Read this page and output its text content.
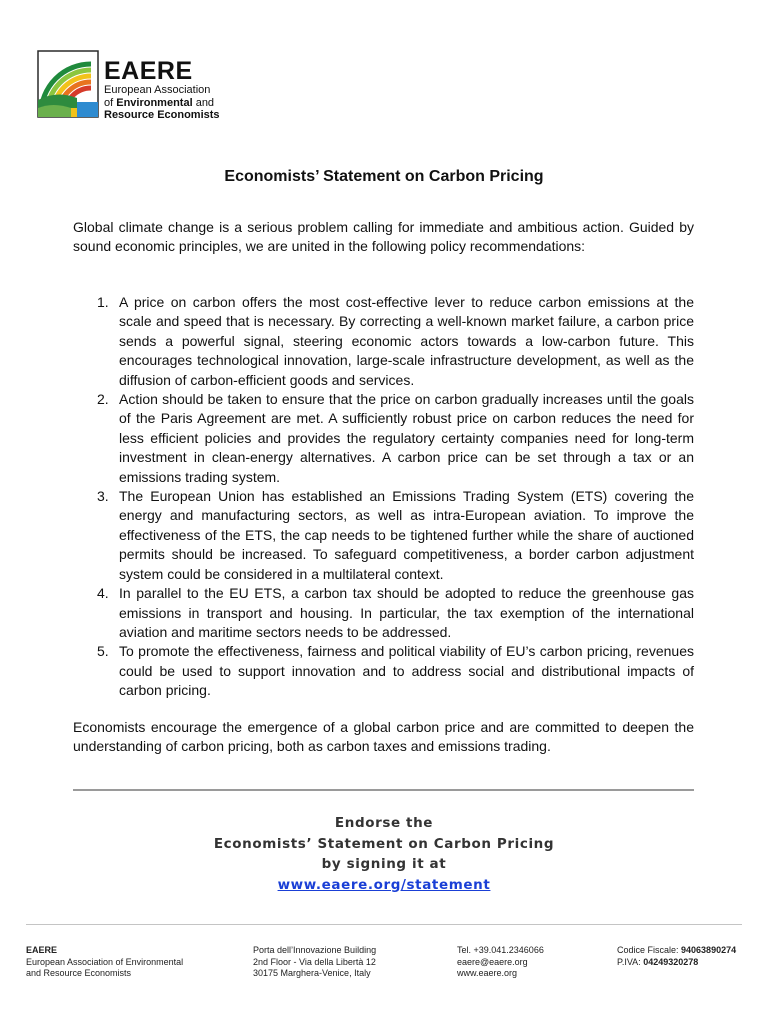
EAERE
European Association
of Environmental and
Resource Economists
Economists’ Statement on Carbon Pricing

Global climate change is a serious problem calling for immediate and ambitious action. Guided by sound economic principles, we are united in the following policy recommendations:

1. A price on carbon offers the most cost-effective lever to reduce carbon emissions at the scale and speed that is necessary. By correcting a well-known market failure, a carbon price sends a powerful signal, steering economic actors towards a low-carbon future. This encourages technological innovation, large-scale infrastructure development, as well as the diffusion of carbon-efficient goods and services.
2. Action should be taken to ensure that the price on carbon gradually increases until the goals of the Paris Agreement are met. A sufficiently robust price on carbon reduces the need for less efficient policies and provides the regulatory certainty companies need for long-term investment in clean-energy alternatives. A carbon price can be set through a tax or an emissions trading system.
3. The European Union has established an Emissions Trading System (ETS) covering the energy and manufacturing sectors, as well as intra-European aviation. To improve the effectiveness of the ETS, the cap needs to be tightened further while the share of auctioned permits should be increased. To safeguard competitiveness, a border carbon adjustment system could be considered in a multilateral context.
4. In parallel to the EU ETS, a carbon tax should be adopted to reduce the greenhouse gas emissions in transport and housing. In particular, the tax exemption of the international aviation and maritime sectors needs to be addressed.
5. To promote the effectiveness, fairness and political viability of EU’s carbon pricing, revenues could be used to support innovation and to address social and distributional impacts of carbon pricing.

Economists encourage the emergence of a global carbon price and are committed to deepen the understanding of carbon pricing, both as carbon taxes and emissions trading.

Endorse the
Economists’ Statement on Carbon Pricing
by signing it at
www.eaere.org/statement
EAERE
European Association of Environmental
and Resource Economists
Porta dell’Innovazione Building
2nd Floor - Via della Libertà 12
30175 Marghera-Venice, Italy
Tel. +39.041.2346066
eaere@eaere.org
www.eaere.org
Codice Fiscale: 94063890274
P.IVA: 04249320278
